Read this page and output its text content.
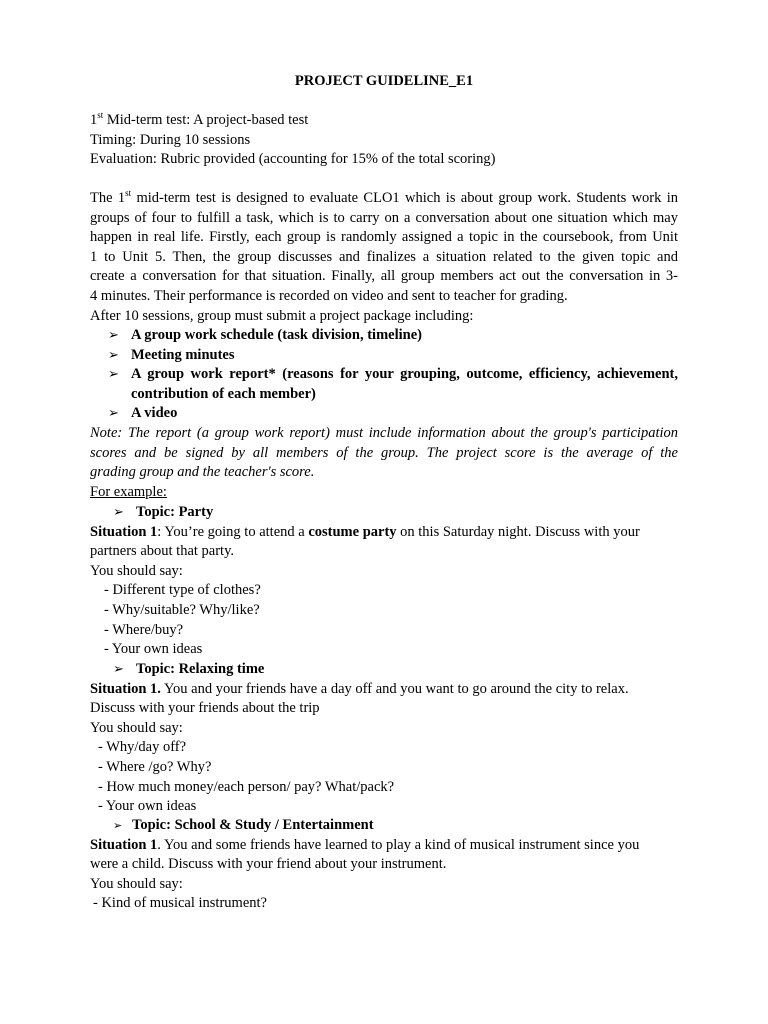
PROJECT GUIDELINE_E1
1st Mid-term test: A project-based test
Timing: During 10 sessions
Evaluation: Rubric provided (accounting for 15% of the total scoring)
The 1st mid-term test is designed to evaluate CLO1 which is about group work. Students work in
groups of four to fulfill a task, which is to carry on a conversation about one situation which may
happen in real life. Firstly, each group is randomly assigned a topic in the coursebook, from Unit
1 to Unit 5. Then, the group discusses and finalizes a situation related to the given topic and
create a conversation for that situation. Finally, all group members act out the conversation in 3-
4 minutes. Their performance is recorded on video and sent to teacher for grading.
After 10 sessions, group must submit a project package including:
➢ A group work schedule (task division, timeline)
➢ Meeting minutes
➢ A group work report* (reasons for your grouping, outcome, efficiency, achievement,
contribution of each member)
➢ A video
Note: The report (a group work report) must include information about the group's participation
scores and be signed by all members of the group. The project score is the average of the
grading group and the teacher's score.
For example:
➢ Topic: Party
Situation 1: You’re going to attend a costume party on this Saturday night. Discuss with your
partners about that party.
You should say:
- Different type of clothes?
- Why/suitable? Why/like?
- Where/buy?
- Your own ideas
➢ Topic: Relaxing time
Situation 1. You and your friends have a day off and you want to go around the city to relax.
Discuss with your friends about the trip
You should say:
- Why/day off?
- Where /go? Why?
- How much money/each person/ pay? What/pack?
- Your own ideas
➢ Topic: School & Study / Entertainment
Situation 1. You and some friends have learned to play a kind of musical instrument since you
were a child. Discuss with your friend about your instrument.
You should say:
- Kind of musical instrument?
